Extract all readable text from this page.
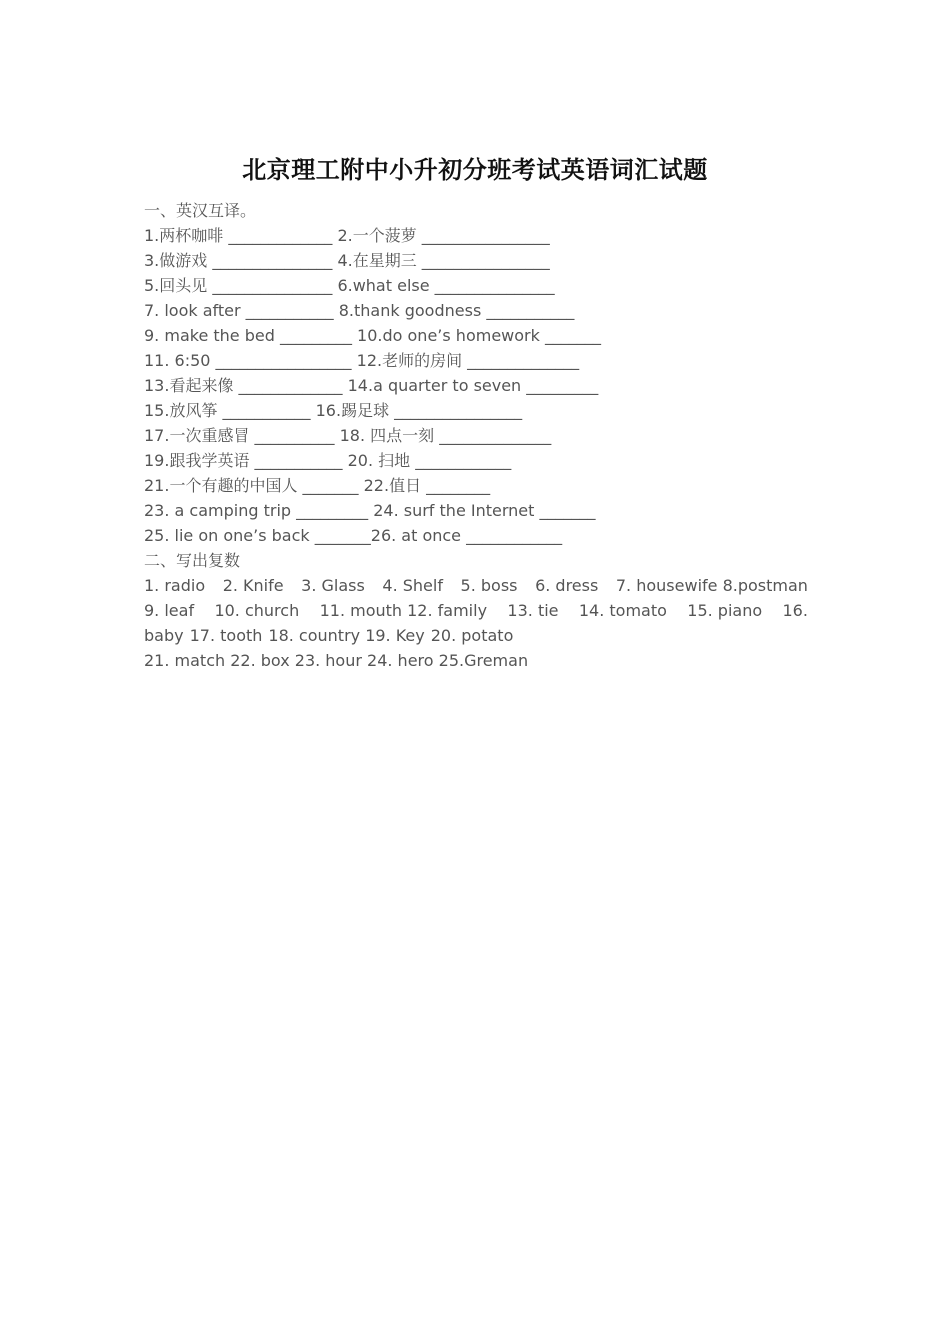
北京理工附中小升初分班考试英语词汇试题
一、英汉互译。
1.两杯咖啡 _____________ 2.一个菠萝 ________________
3.做游戏 _______________ 4.在星期三 ________________
5.回头见 _______________ 6.what else _______________
7. look after ___________ 8.thank goodness ___________
9. make the bed _________ 10.do one’s homework _______
11. 6:50 _________________ 12.老师的房间 ______________
13.看起来像 _____________ 14.a quarter to seven _________
15.放风筝 ___________ 16.踢足球 ________________
17.一次重感冒 __________ 18. 四点一刻 ______________
19.跟我学英语 ___________ 20. 扫地 ____________
21.一个有趣的中国人 _______ 22.值日 ________
23. a camping trip _________ 24. surf the Internet _______
25. lie on one’s back _______26. at once ____________
二、写出复数
1. radio 2. Knife 3. Glass 4. Shelf 5. boss 6. dress 7. housewife 8.postman
9. leaf 10. church 11. mouth 12. family 13. tie 14. tomato 15. piano 16.
baby 17. tooth 18. country 19. Key 20. potato
21. match 22. box 23. hour 24. hero 25.Greman
